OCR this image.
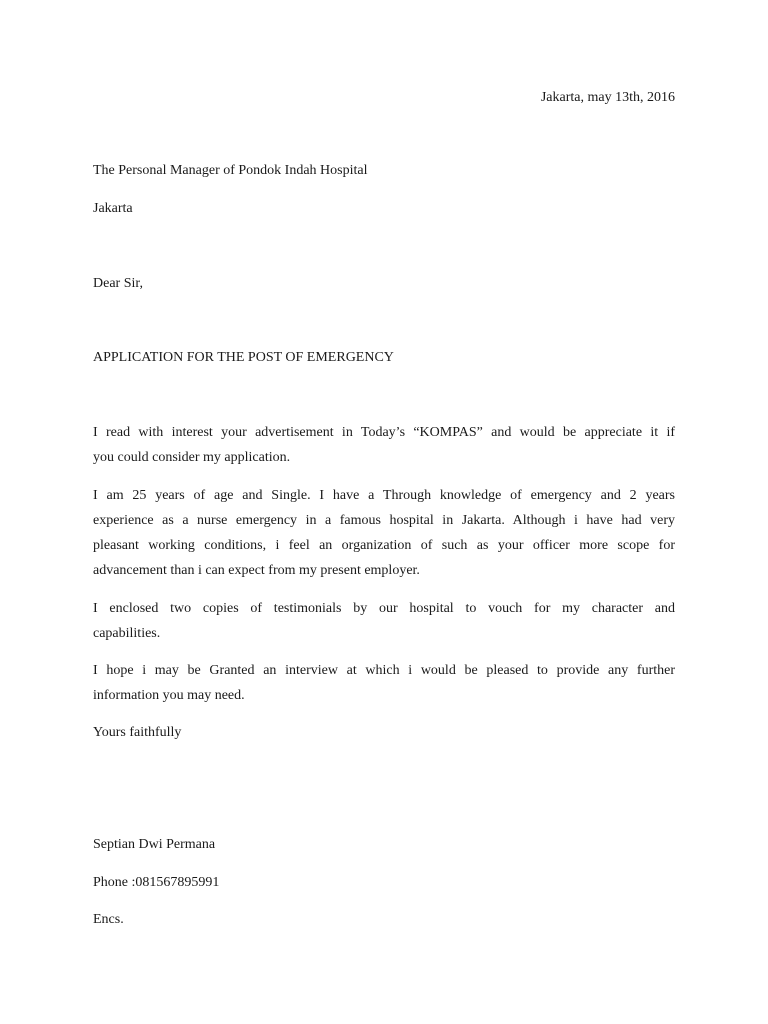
Jakarta, may 13th, 2016
The Personal Manager of Pondok Indah Hospital
Jakarta
Dear Sir,
APPLICATION FOR THE POST OF EMERGENCY
I read with interest your advertisement in Today’s “KOMPAS” and would be appreciate it if
you could consider my application.
I am 25 years of age and Single. I have a Through knowledge of emergency and 2 years
experience as a nurse emergency in a famous hospital in Jakarta. Although i have had very
pleasant working conditions, i feel an organization of such as your officer more scope for
advancement than i can expect from my present employer.
I enclosed two copies of testimonials by our hospital to vouch for my character and
capabilities.
I hope i may be Granted an interview at which i would be pleased to provide any further
information you may need.
Yours faithfully
Septian Dwi Permana
Phone :081567895991
Encs.
